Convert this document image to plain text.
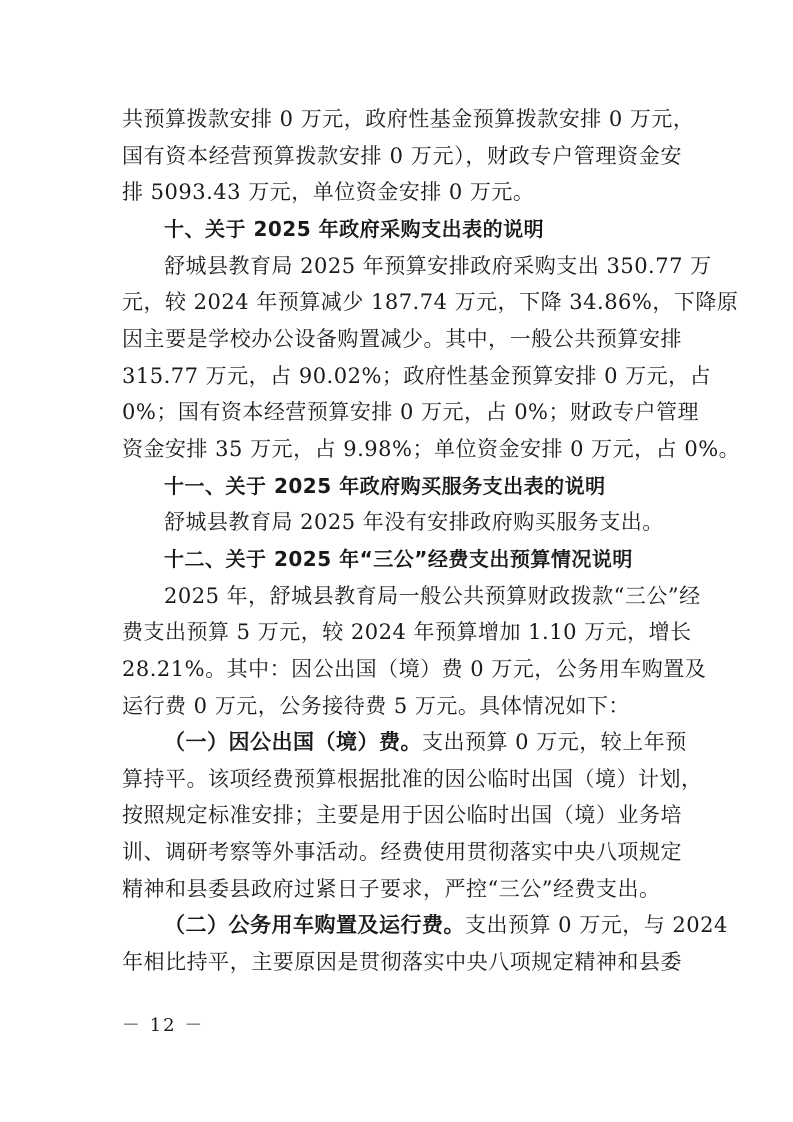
共预算拨款安排 0 万元，政府性基金预算拨款安排 0 万元，
国有资本经营预算拨款安排 0 万元），财政专户管理资金安
排 5093.43 万元，单位资金安排 0 万元。
十、关于 2025 年政府采购支出表的说明
舒城县教育局 2025 年预算安排政府采购支出 350.77 万
元，较 2024 年预算减少 187.74 万元，下降 34.86%，下降原
因主要是学校办公设备购置减少。其中，一般公共预算安排
315.77 万元，占 90.02%；政府性基金预算安排 0 万元，占
0%；国有资本经营预算安排 0 万元，占 0%；财政专户管理
资金安排 35 万元，占 9.98%；单位资金安排 0 万元，占 0%。
十一、关于 2025 年政府购买服务支出表的说明
舒城县教育局 2025 年没有安排政府购买服务支出。
十二、关于 2025 年“三公”经费支出预算情况说明
2025 年，舒城县教育局一般公共预算财政拨款“三公”经
费支出预算 5 万元，较 2024 年预算增加 1.10 万元，增长
28.21%。其中：因公出国（境）费 0 万元，公务用车购置及
运行费 0 万元，公务接待费 5 万元。具体情况如下：
（一）因公出国（境）费。支出预算 0 万元，较上年预
算持平。该项经费预算根据批准的因公临时出国（境）计划，
按照规定标准安排；主要是用于因公临时出国（境）业务培
训、调研考察等外事活动。经费使用贯彻落实中央八项规定
精神和县委县政府过紧日子要求，严控“三公”经费支出。
（二）公务用车购置及运行费。支出预算 0 万元，与 2024
年相比持平，主要原因是贯彻落实中央八项规定精神和县委
－ 12 －
